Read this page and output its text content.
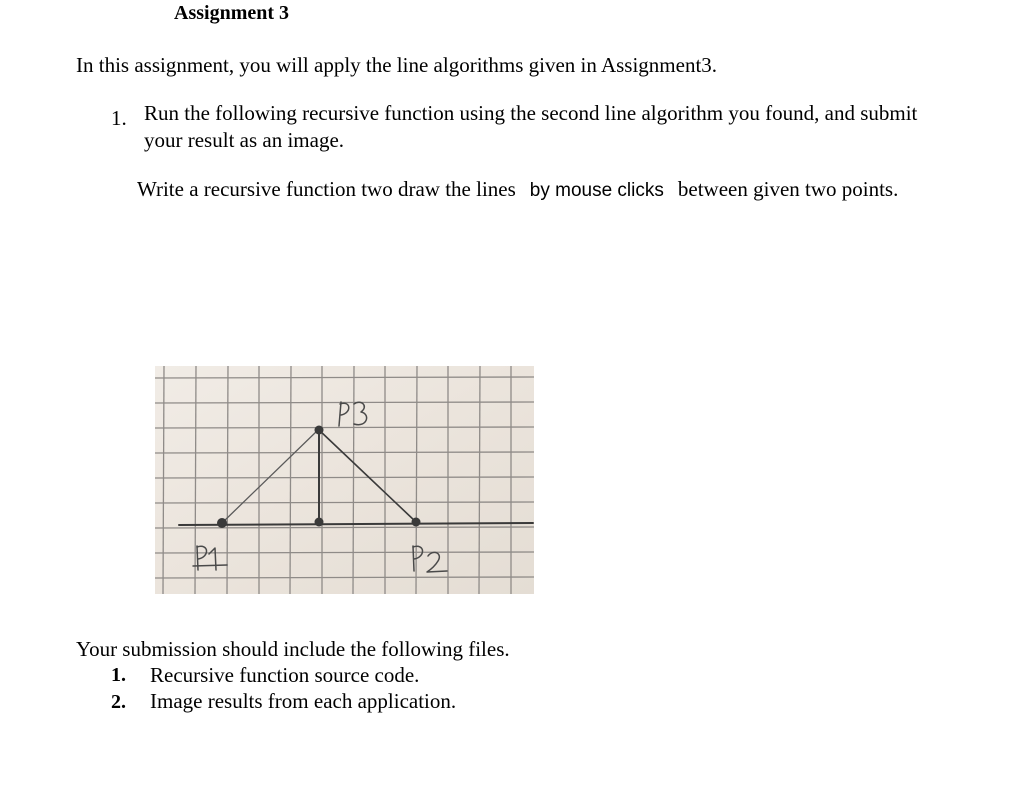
Assignment 3
In this assignment, you will apply the line algorithms given in Assignment3.
1. Run the following recursive function using the second line algorithm you found, and submit
your result as an image.
Write a recursive function two draw the lines by mouse clicks between given two points.
Your submission should include the following files.
1. Recursive function source code.
2. Image results from each application.
